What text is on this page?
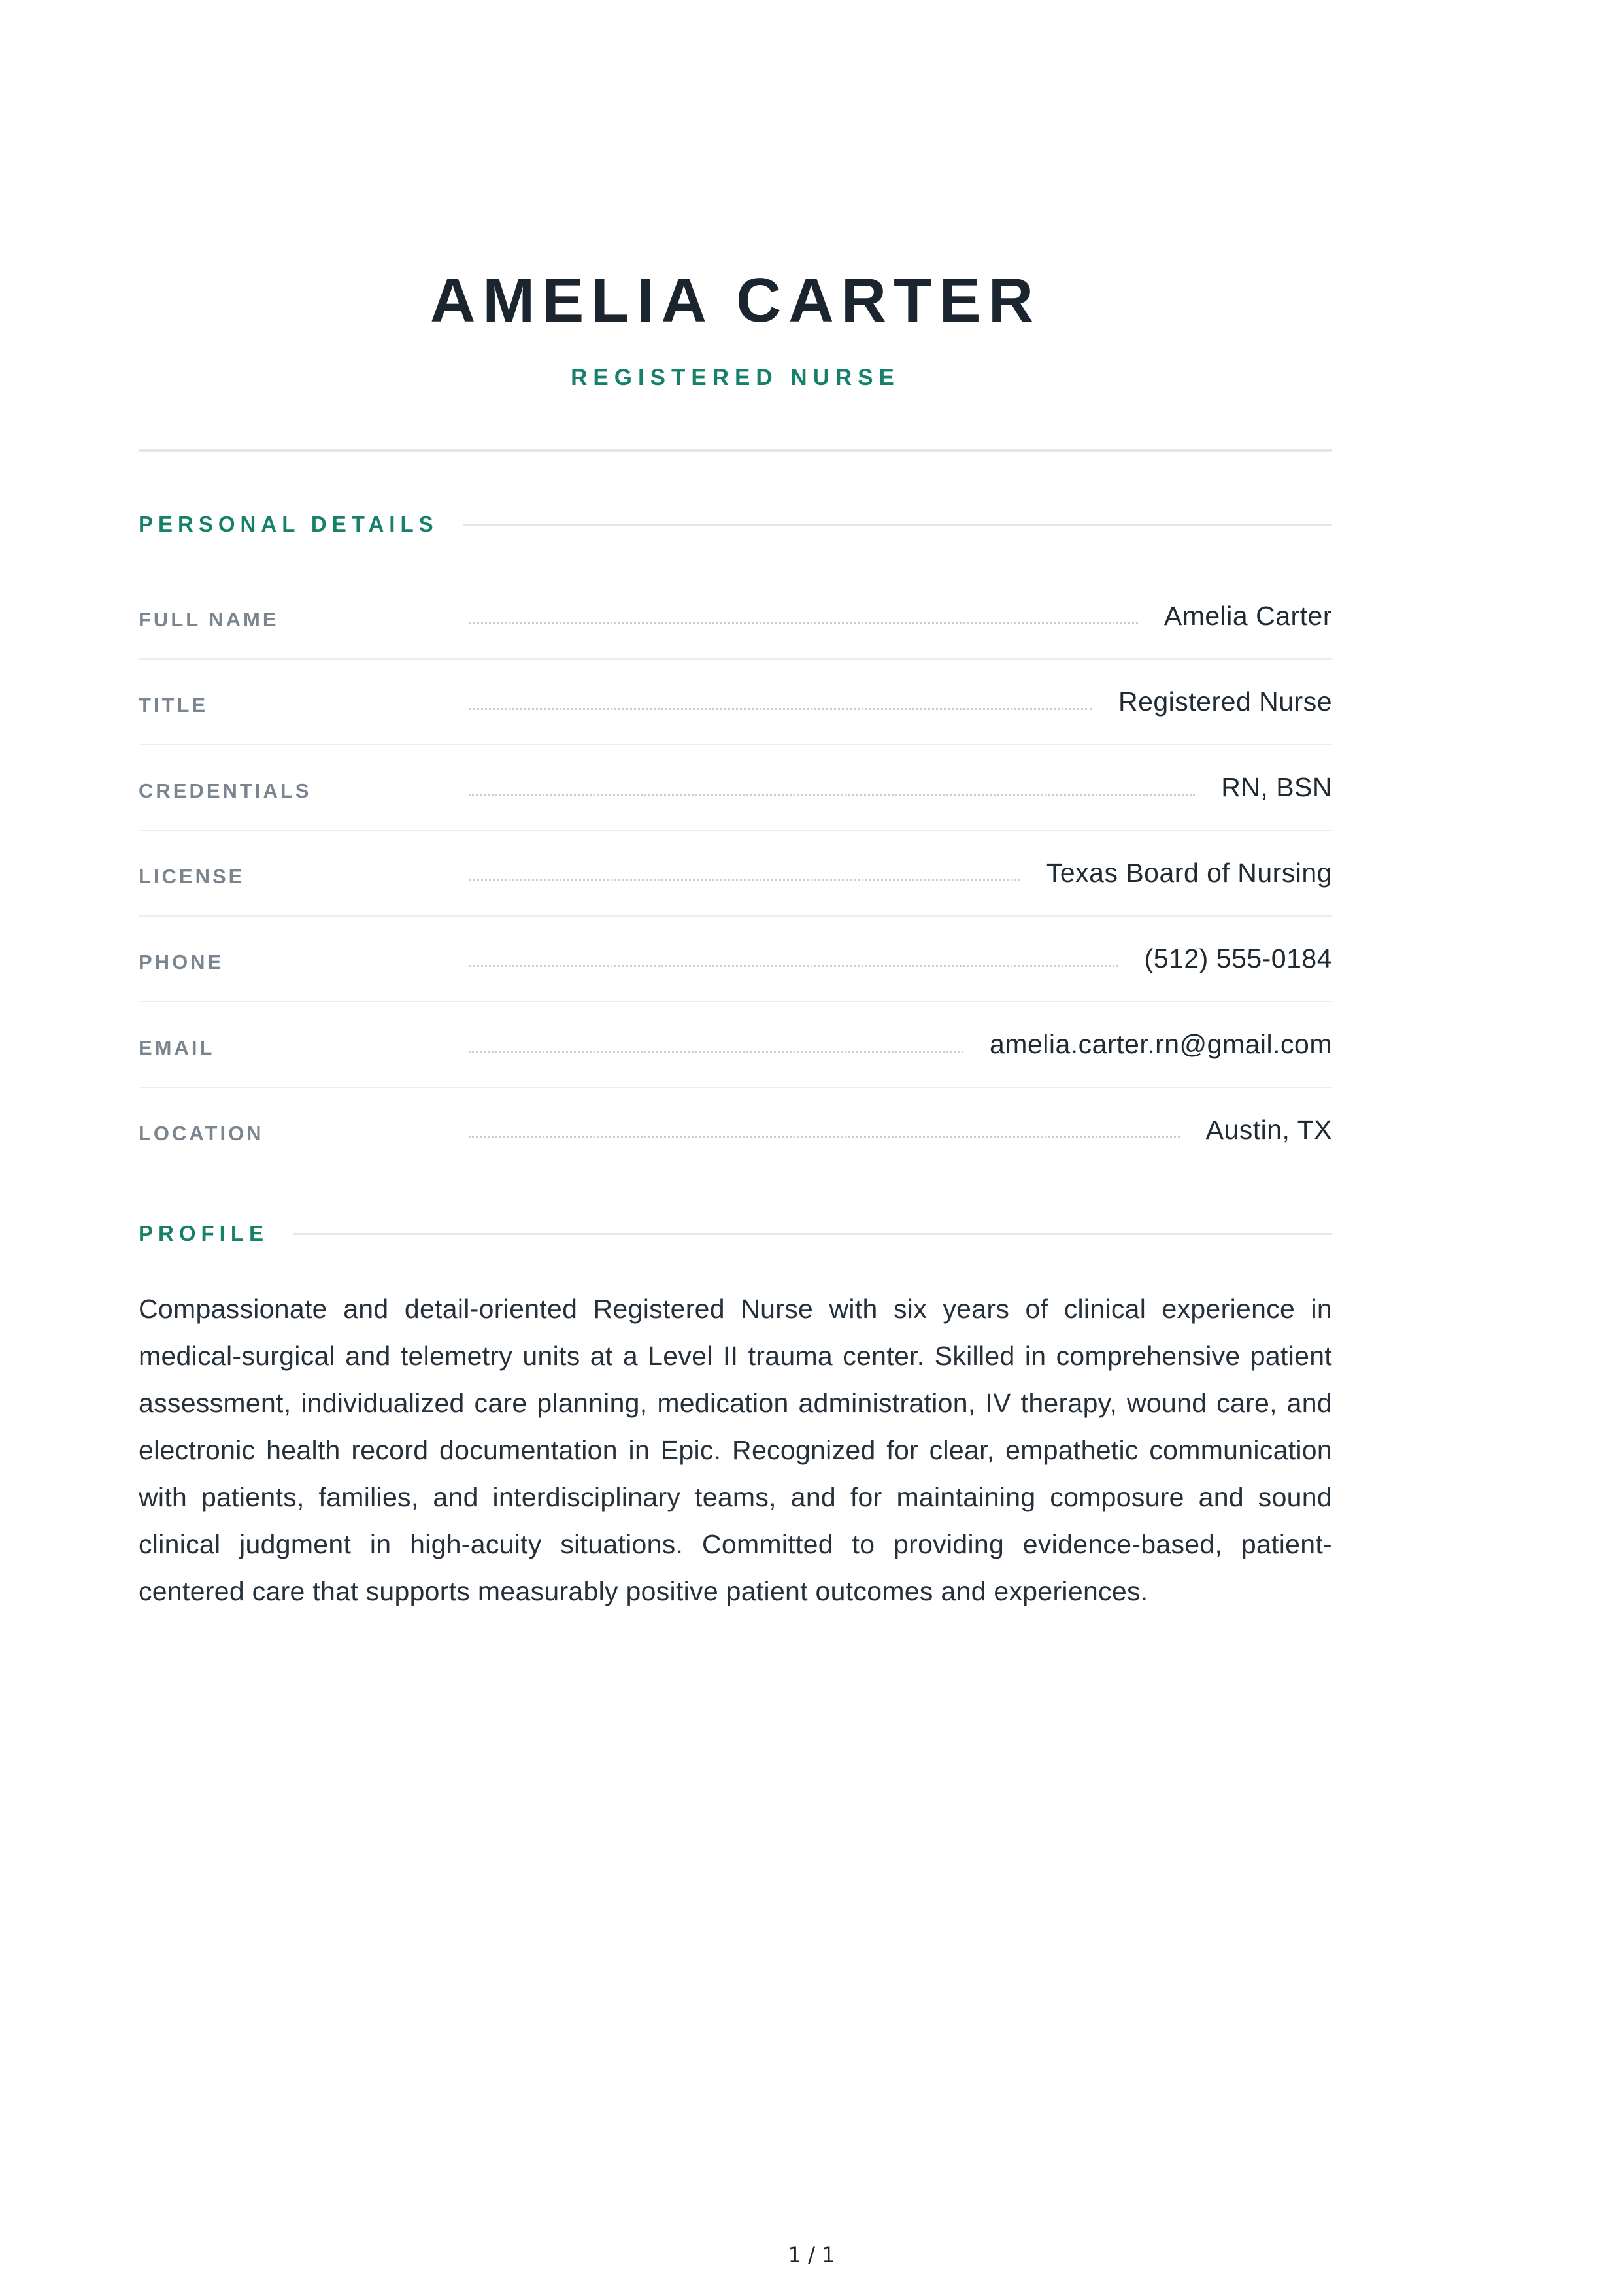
AMELIA CARTER
REGISTERED NURSE
PERSONAL DETAILS
FULL NAME	Amelia Carter
TITLE	Registered Nurse
CREDENTIALS	RN, BSN
LICENSE	Texas Board of Nursing
PHONE	(512) 555-0184
EMAIL	amelia.carter.rn@gmail.com
LOCATION	Austin, TX
PROFILE
Compassionate and detail-oriented Registered Nurse with six years of clinical experience in medical-surgical and telemetry units at a Level II trauma center. Skilled in comprehensive patient assessment, individualized care planning, medication administration, IV therapy, wound care, and electronic health record documentation in Epic. Recognized for clear, empathetic communication with patients, families, and interdisciplinary teams, and for maintaining composure and sound clinical judgment in high-acuity situations. Committed to providing evidence-based, patient-centered care that supports measurably positive patient outcomes and experiences.
1 / 1
